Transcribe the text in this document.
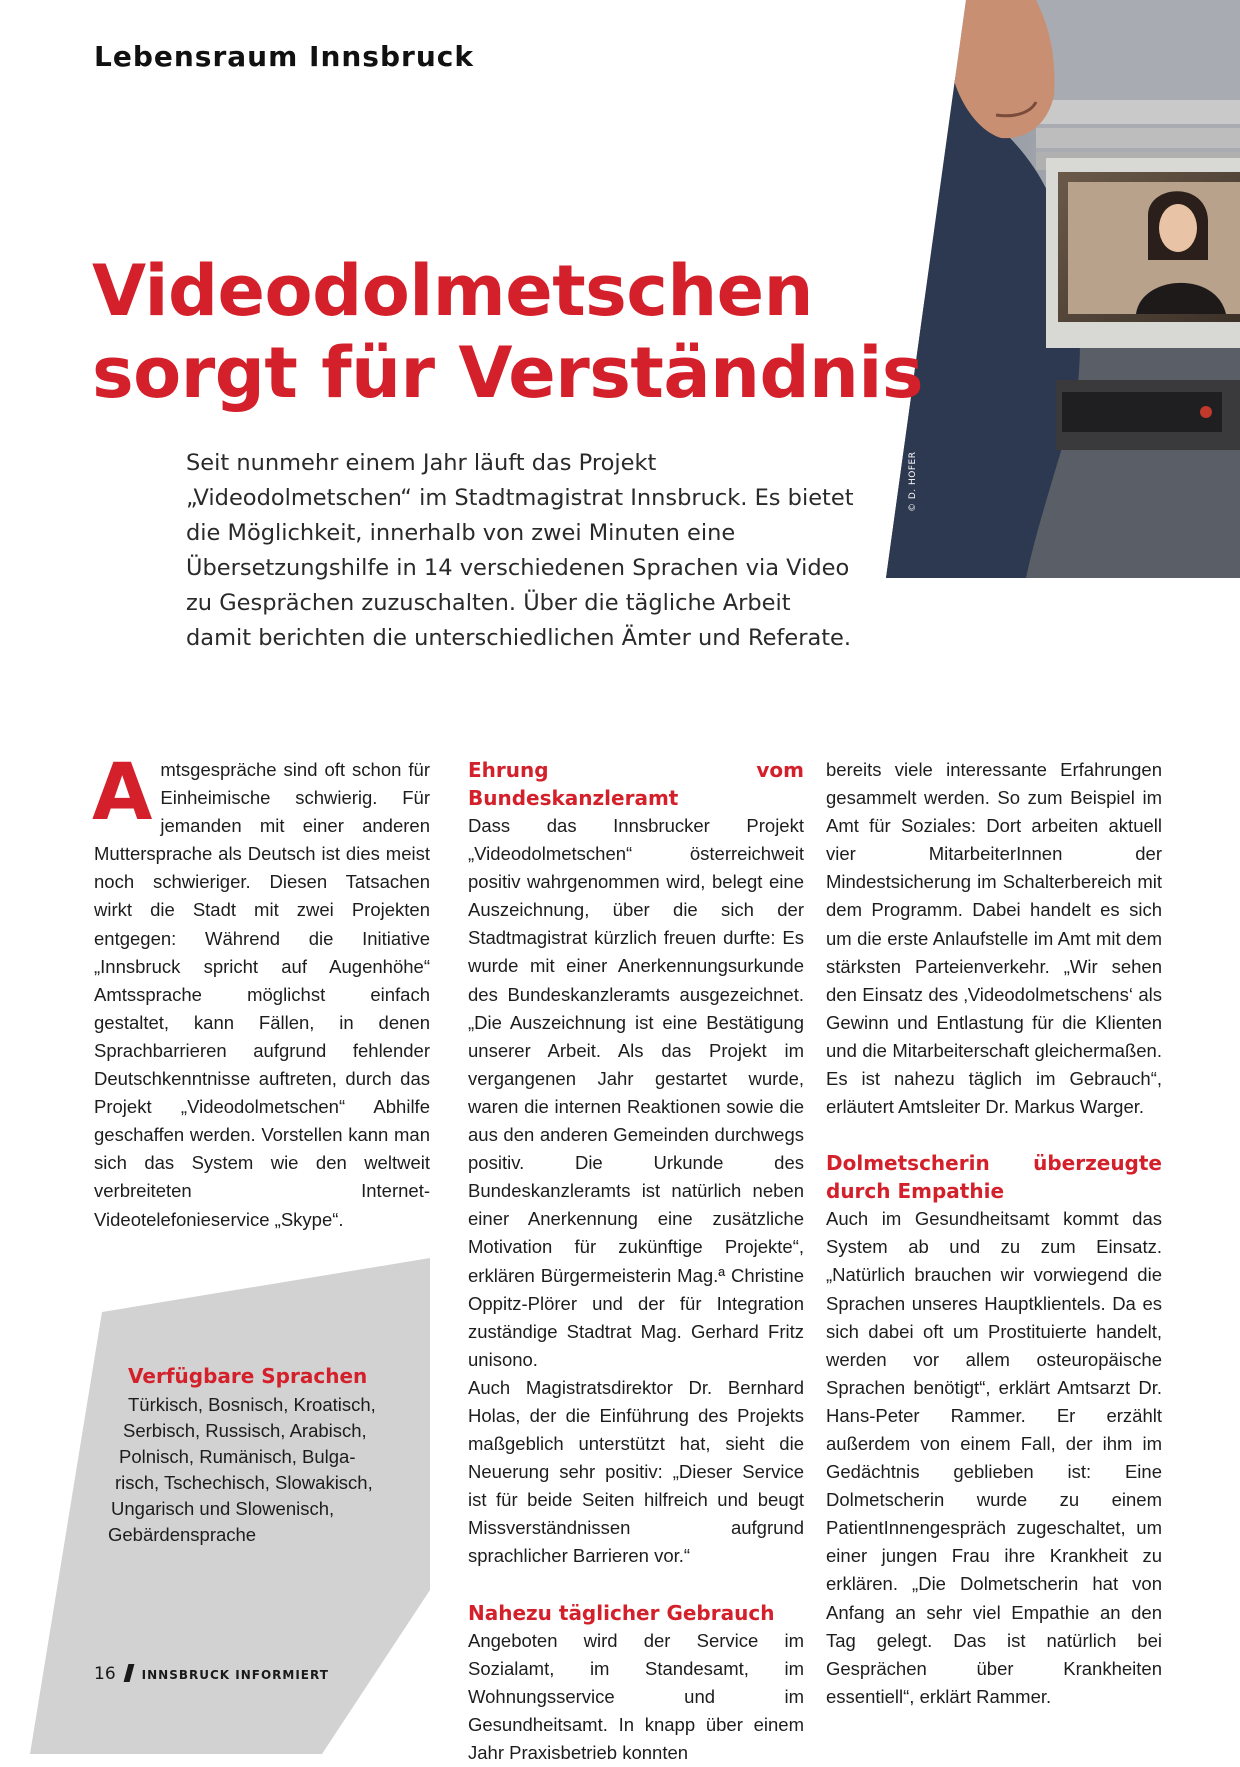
Lebensraum Innsbruck
© D. HOFER
Videodolmetschen
sorgt für Verständnis

Seit nunmehr einem Jahr läuft das Projekt „Videodolmetschen“ im Stadtmagistrat Innsbruck. Es bietet die Möglichkeit, innerhalb von zwei Minuten eine Übersetzungshilfe in 14 verschiedenen Sprachen via Video zu Gesprächen zuzuschalten. Über die tägliche Arbeit damit berichten die unterschiedlichen Ämter und Referate.

Amtsgespräche sind oft schon für Einheimische schwierig. Für jemanden mit einer anderen Muttersprache als Deutsch ist dies meist noch schwieriger. Diesen Tatsachen wirkt die Stadt mit zwei Projekten entgegen: Während die Initiative „Innsbruck spricht auf Augenhöhe“ Amtssprache möglichst einfach gestaltet, kann Fällen, in denen Sprachbarrieren aufgrund fehlender Deutschkenntnisse auftreten, durch das Projekt „Videodolmetschen“ Abhilfe geschaffen werden. Vorstellen kann man sich das System wie den weltweit verbreiteten Internet-Videotelefonieservice „Skype“.

Verfügbare Sprachen

Türkisch, Bosnisch, Kroatisch,
Serbisch, Russisch, Arabisch,
Polnisch, Rumänisch, Bulga-
risch, Tschechisch, Slowakisch,
Ungarisch und Slowenisch,
Gebärdensprache

Ehrung vom Bundeskanzleramt

Dass das Innsbrucker Projekt „Videodolmetschen“ österreichweit positiv wahrgenommen wird, belegt eine Auszeichnung, über die sich der Stadtmagistrat kürzlich freuen durfte: Es wurde mit einer Anerkennungsurkunde des Bundeskanzleramts ausgezeichnet. „Die Auszeichnung ist eine Bestätigung unserer Arbeit. Als das Projekt im vergangenen Jahr gestartet wurde, waren die internen Reaktionen sowie die aus den anderen Gemeinden durchwegs positiv. Die Urkunde des Bundeskanzleramts ist natürlich neben einer Anerkennung eine zusätzliche Motivation für zukünftige Projekte“, erklären Bürgermeisterin Mag.ª Christine Oppitz-Plörer und der für Integration zuständige Stadtrat Mag. Gerhard Fritz unisono.

Auch Magistratsdirektor Dr. Bernhard Holas, der die Einführung des Projekts maßgeblich unterstützt hat, sieht die Neuerung sehr positiv: „Dieser Service ist für beide Seiten hilfreich und beugt Missverständnissen aufgrund sprachlicher Barrieren vor.“

Nahezu täglicher Gebrauch

Angeboten wird der Service im Sozialamt, im Standesamt, im Wohnungsservice und im Gesundheitsamt. In knapp über einem Jahr Praxisbetrieb konnten

bereits viele interessante Erfahrungen gesammelt werden. So zum Beispiel im Amt für Soziales: Dort arbeiten aktuell vier MitarbeiterInnen der Mindestsicherung im Schalterbereich mit dem Programm. Dabei handelt es sich um die erste Anlaufstelle im Amt mit dem stärksten Parteienverkehr. „Wir sehen den Einsatz des ‚Videodolmetschens‘ als Gewinn und Entlastung für die Klienten und die Mitarbeiterschaft gleichermaßen. Es ist nahezu täglich im Gebrauch“, erläutert Amtsleiter Dr. Markus Warger.

Dolmetscherin überzeugte durch Empathie

Auch im Gesundheitsamt kommt das System ab und zu zum Einsatz. „Natürlich brauchen wir vorwiegend die Sprachen unseres Hauptklientels. Da es sich dabei oft um Prostituierte handelt, werden vor allem osteuropäische Sprachen benötigt“, erklärt Amtsarzt Dr. Hans-Peter Rammer. Er erzählt außerdem von einem Fall, der ihm im Gedächtnis geblieben ist: Eine Dolmetscherin wurde zu einem PatientInnengespräch zugeschaltet, um einer jungen Frau ihre Krankheit zu erklären. „Die Dolmetscherin hat von Anfang an sehr viel Empathie an den Tag gelegt. Das ist natürlich bei Gesprächen über Krankheiten essentiell“, erklärt Rammer.

16 INNSBRUCK INFORMIERT
